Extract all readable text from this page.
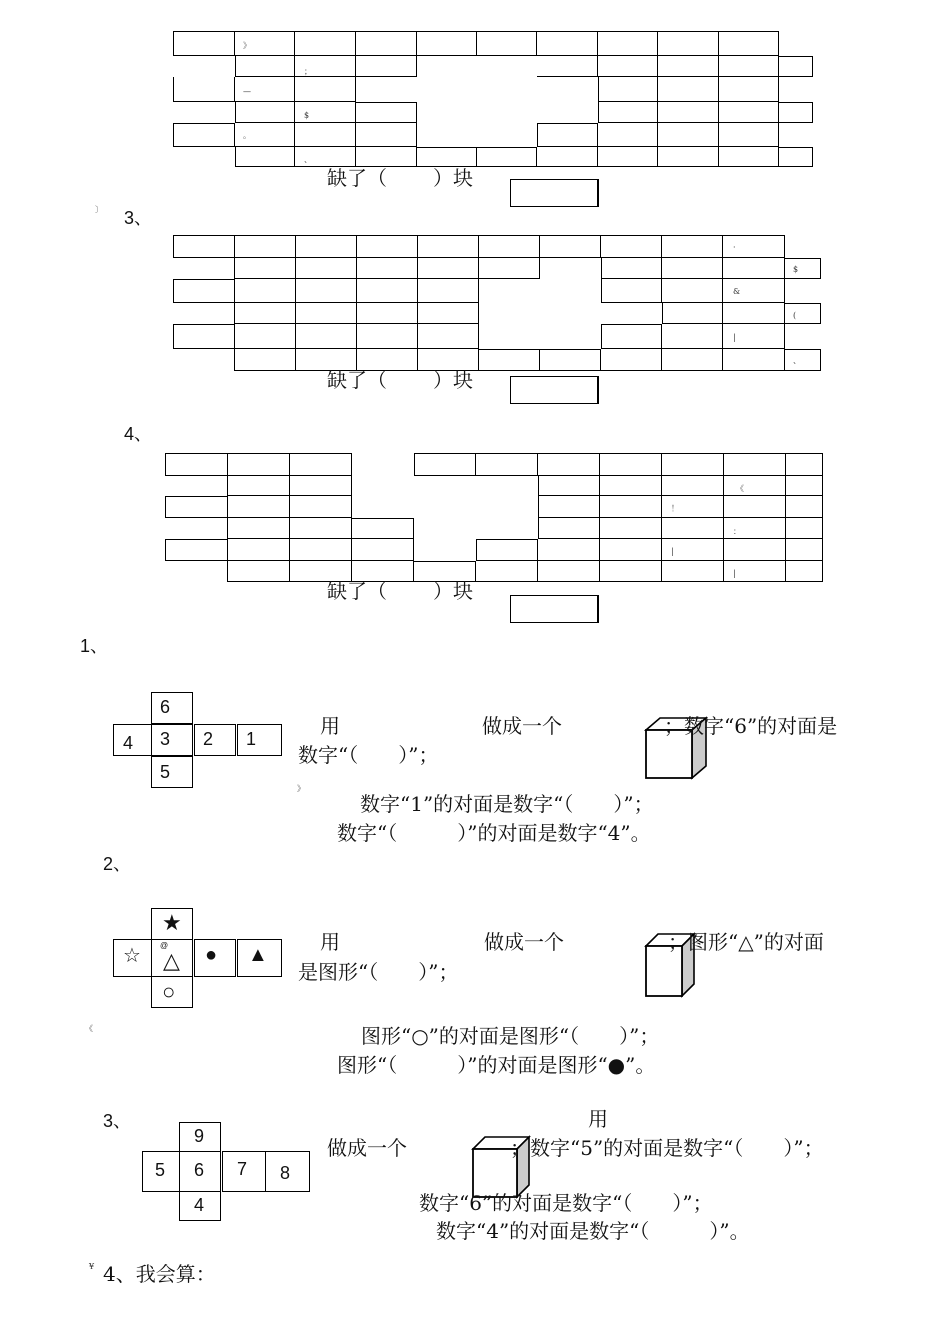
》
；
—
$
。
、
缺了（ ）块
〕 3、
·
$
&
(
|
、
缺了（ ）块
4、
《
！
：
|
|
缺了（ ）块
1、
6
4 3 2 1
5
用	做成一个	；数字“6”的对面是
数字“（　　）”；
》
数字“1”的对面是数字“（　　）”；
数字“（　　　）”的对面是数字“4”。
2、
★
☆ @
△ ● ▲
○
用	做成一个	；图形“△”的对面
是图形“（　　）”；
《	图形“○”的对面是图形“（　　）”；
图形“（　　　）”的对面是图形“●”。
3、
9
5 6 7 8
4
用
做成一个	；数字“5”的对面是数字“（　　）”；
数字“6”的对面是数字“（　　）”；
数字“4”的对面是数字“（　　　）”。
¥ 4、我会算：
